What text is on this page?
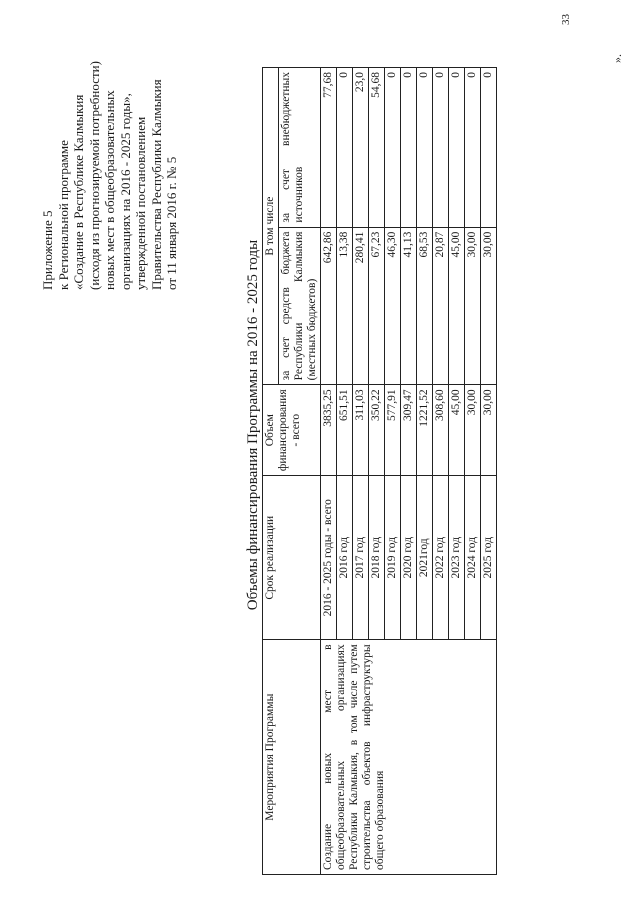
Приложение 5 к Региональной программе «Создание в Республике Калмыкия (исходя из прогнозируемой потребности) новых мест в общеобразовательных организациях на 2016 - 2025 годы», утвержденной постановлением Правительства Республики Калмыкия от 11 января 2016 г. № 5
Объемы финансирования Программы на 2016 - 2025 годы
Мероприятия Программы	Срок реализации	Объем финансирования - всего	В том числе	
			за счет средств бюджета Республики Калмыкия (местных бюджетов)	за счет внебюджетных источников
Создание новых мест в общеобразовательных организациях Республики Калмыкия, в том числе путем строительства объектов инфраструктуры общего образования	2016 - 2025 годы - всего	3835,25	642,86	77,68
	2016 год	651,51	13,38	0
	2017 год	311,03	280,41	23,0
	2018 год	350,22	67,23	54,68
	2019 год	577,91	46,30	0
	2020 год	309,47	41,13	0
	2021год	1221,52	68,53	0
	2022 год	308,60	20,87	0
	2023 год	45,00	45,00	0
	2024 год	30,00	30,00	0
	2025 год	30,00	30,00	0
».
33
